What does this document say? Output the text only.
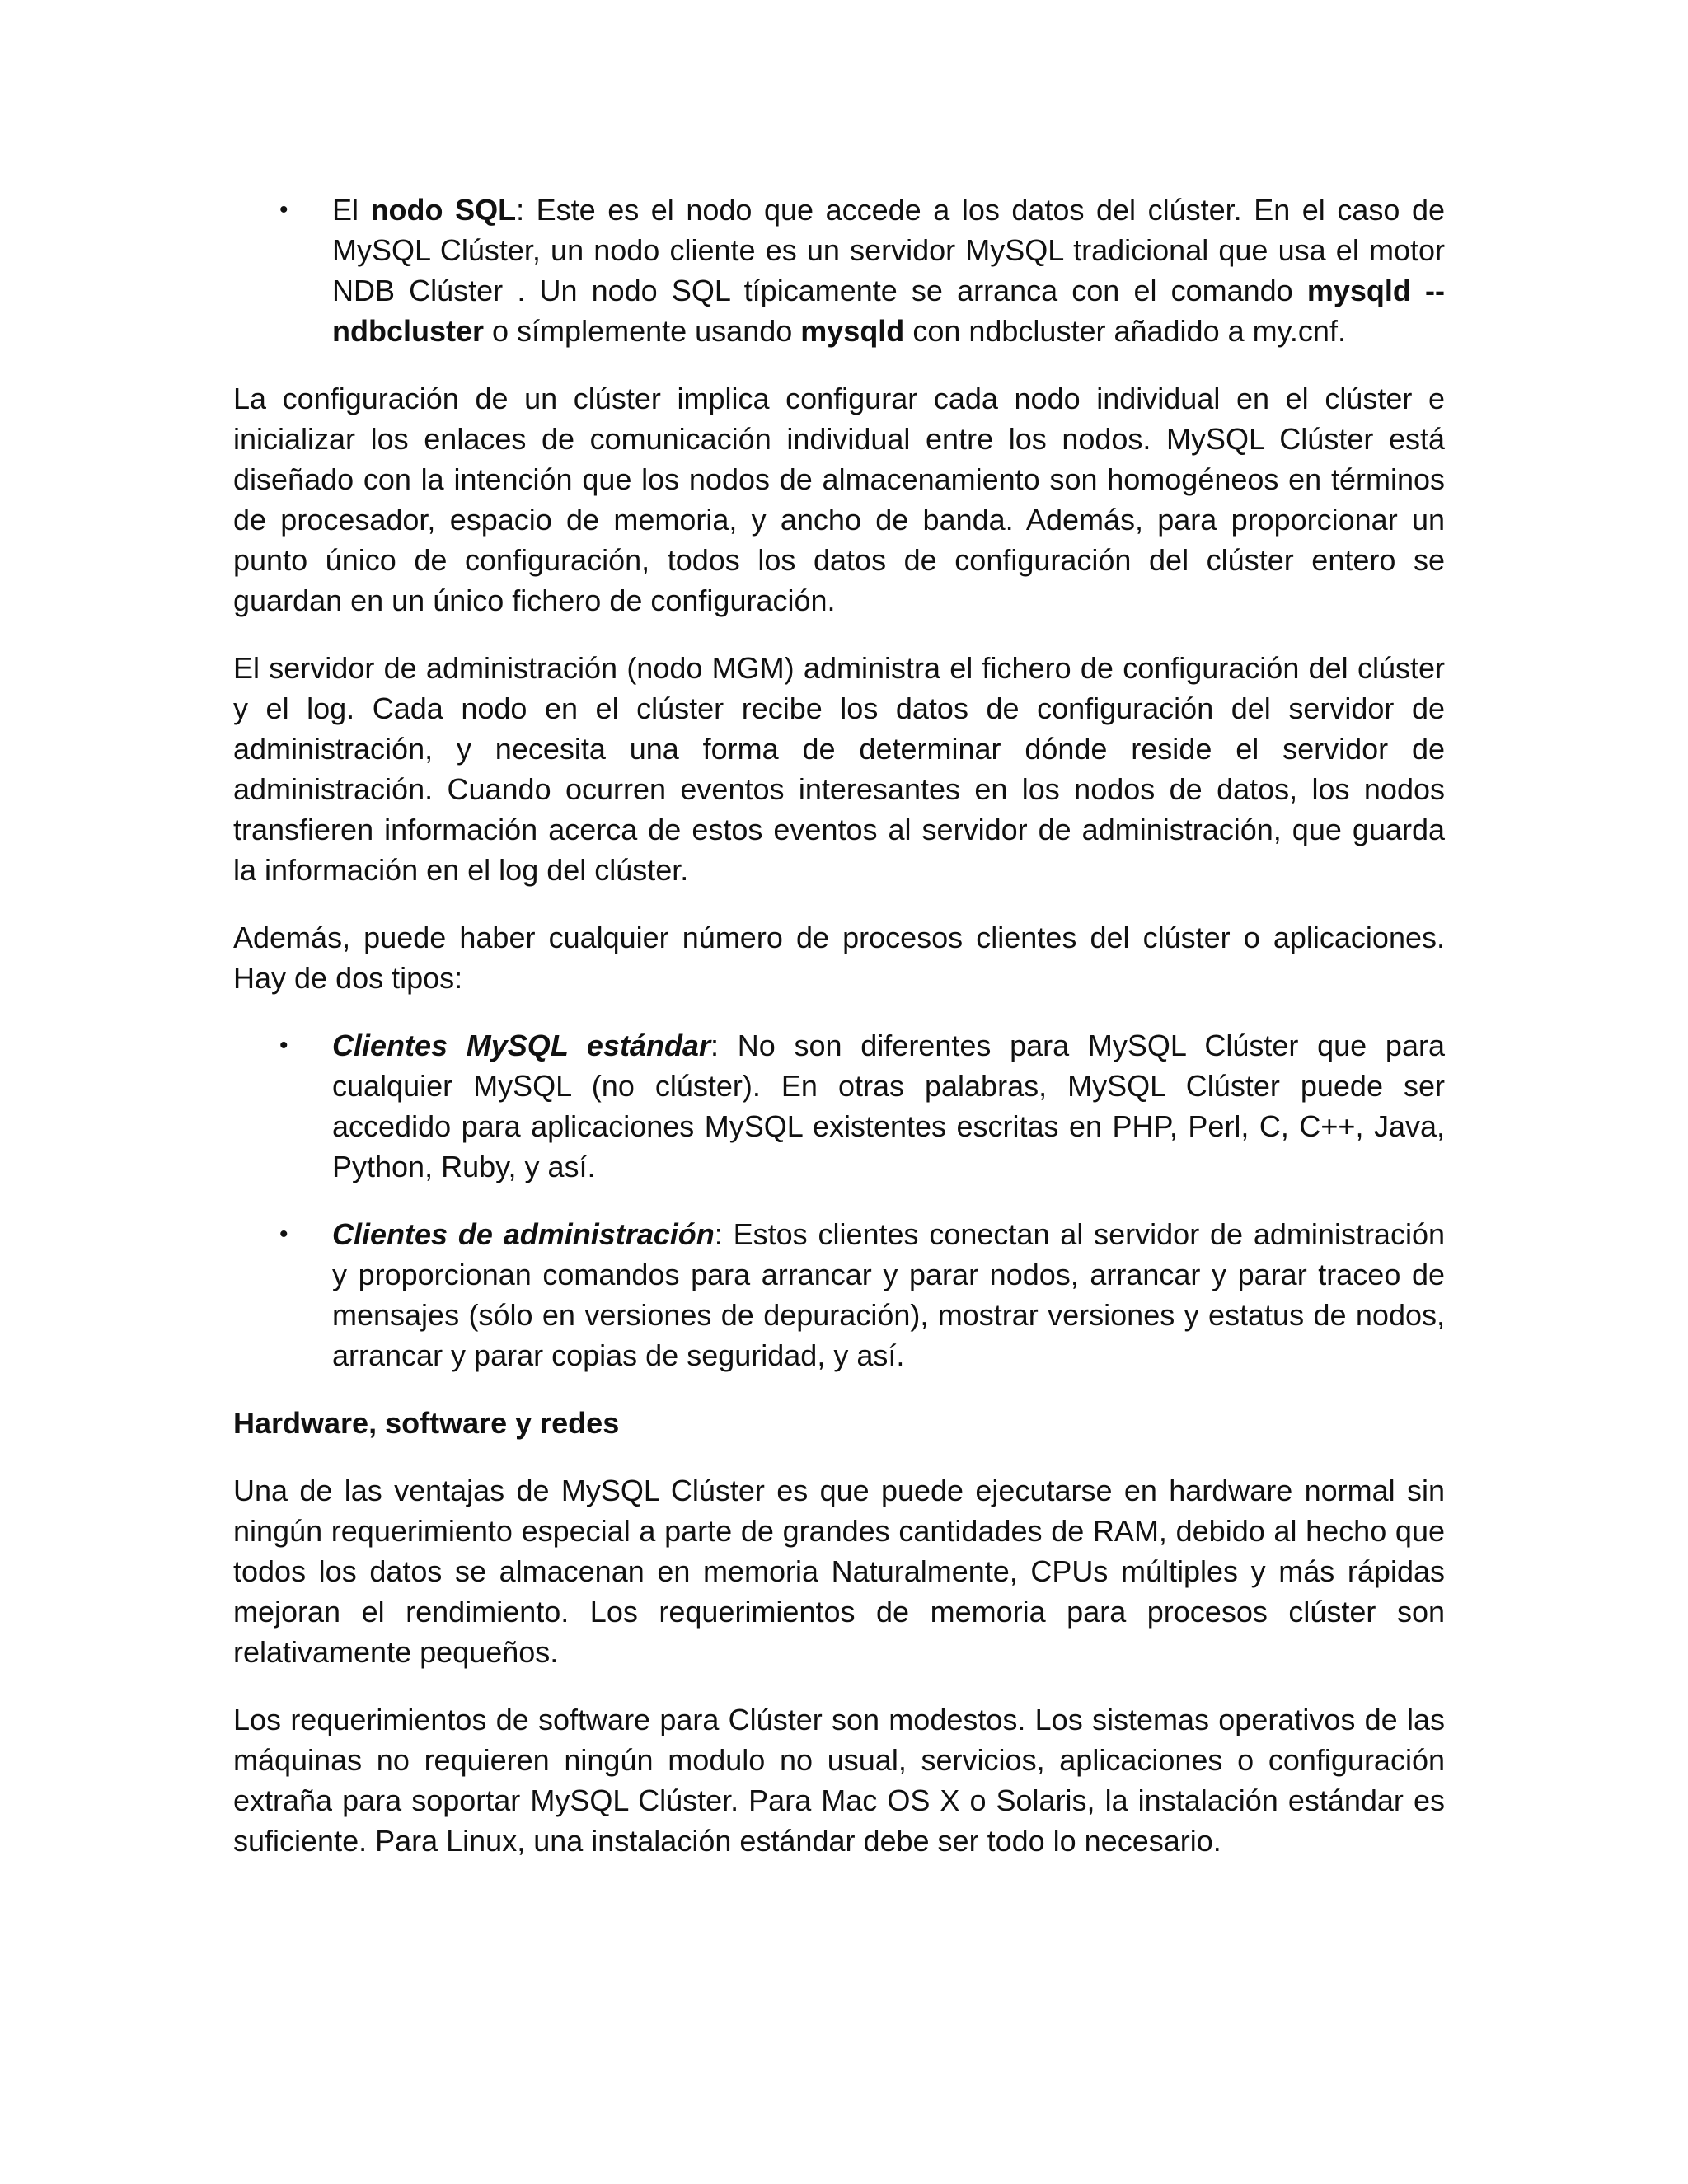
• El nodo SQL: Este es el nodo que accede a los datos del clúster. En el caso de MySQL Clúster, un nodo cliente es un servidor MySQL tradicional que usa el motor NDB Clúster . Un nodo SQL típicamente se arranca con el comando mysqld --ndbcluster o símplemente usando mysqld con ndbcluster añadido a my.cnf.

La configuración de un clúster implica configurar cada nodo individual en el clúster e inicializar los enlaces de comunicación individual entre los nodos. MySQL Clúster está diseñado con la intención que los nodos de almacenamiento son homogéneos en términos de procesador, espacio de memoria, y ancho de banda. Además, para proporcionar un punto único de configuración, todos los datos de configuración del clúster entero se guardan en un único fichero de configuración.

El servidor de administración (nodo MGM) administra el fichero de configuración del clúster y el log. Cada nodo en el clúster recibe los datos de configuración del servidor de administración, y necesita una forma de determinar dónde reside el servidor de administración. Cuando ocurren eventos interesantes en los nodos de datos, los nodos transfieren información acerca de estos eventos al servidor de administración, que guarda la información en el log del clúster.

Además, puede haber cualquier número de procesos clientes del clúster o aplicaciones. Hay de dos tipos:

• Clientes MySQL estándar: No son diferentes para MySQL Clúster que para cualquier MySQL (no clúster). En otras palabras, MySQL Clúster puede ser accedido para aplicaciones MySQL existentes escritas en PHP, Perl, C, C++, Java, Python, Ruby, y así.
• Clientes de administración: Estos clientes conectan al servidor de administración y proporcionan comandos para arrancar y parar nodos, arrancar y parar traceo de mensajes (sólo en versiones de depuración), mostrar versiones y estatus de nodos, arrancar y parar copias de seguridad, y así.
Hardware, software y redes

Una de las ventajas de MySQL Clúster es que puede ejecutarse en hardware normal sin ningún requerimiento especial a parte de grandes cantidades de RAM, debido al hecho que todos los datos se almacenan en memoria Naturalmente, CPUs múltiples y más rápidas mejoran el rendimiento. Los requerimientos de memoria para procesos clúster son relativamente pequeños.

Los requerimientos de software para Clúster son modestos. Los sistemas operativos de las máquinas no requieren ningún modulo no usual, servicios, aplicaciones o configuración extraña para soportar MySQL Clúster. Para Mac OS X o Solaris, la instalación estándar es suficiente. Para Linux, una instalación estándar debe ser todo lo necesario.
